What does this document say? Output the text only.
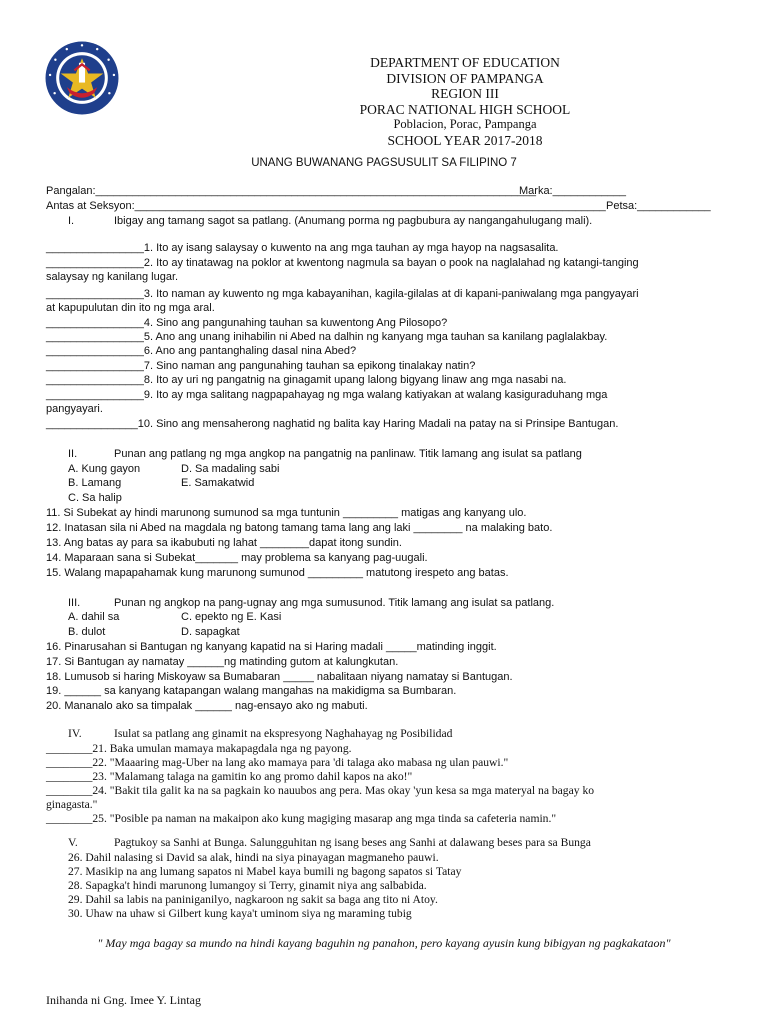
DEPARTMENT OF EDUCATION
DIVISION OF PAMPANGA
REGION III
PORAC NATIONAL HIGH SCHOOL
Poblacion, Porac, Pampanga
SCHOOL YEAR 2017-2018
UNANG BUWANANG PAGSUSULIT SA FILIPINO 7
Pangalan:________________________________________________________________________
Marka:____________
Antas at Seksyon:_____________________________________________________________________________ Petsa:____________
I.	Ibigay ang tamang sagot sa patlang. (Anumang porma ng pagbubura ay nangangahulugang mali).
________________1. Ito ay isang salaysay o kuwento na ang mga tauhan ay mga hayop na nagsasalita.
________________2. Ito ay tinatawag na poklor at kwentong nagmula sa bayan o pook na naglalahad ng katangi-tanging
salaysay ng kanilang lugar.
________________3. Ito naman ay kuwento ng mga kabayanihan, kagila-gilalas at di kapani-paniwalang mga pangyayari
at kapupulutan din ito ng mga aral.
________________4. Sino ang pangunahing tauhan sa kuwentong Ang Pilosopo?
________________5. Ano ang unang inihabilin ni Abed na dalhin ng kanyang mga tauhan sa kanilang paglalakbay.
________________6. Ano ang pantanghaling dasal nina Abed?
________________7. Sino naman ang pangunahing tauhan sa epikong tinalakay natin?
________________8. Ito ay uri ng pangatnig na ginagamit upang lalong bigyang linaw ang mga nasabi na.
________________9. Ito ay mga salitang nagpapahayag ng mga walang katiyakan at walang kasiguraduhang mga
pangyayari.
_______________10. Sino ang mensaherong naghatid ng balita kay Haring Madali na patay na si Prinsipe Bantugan.
II.	Punan ang patlang ng mga angkop na pangatnig na panlinaw. Titik lamang ang isulat sa patlang
A. Kung gayon	D. Sa madaling sabi
B. Lamang	E. Samakatwid
C. Sa halip
11. Si Subekat ay hindi marunong sumunod sa mga tuntunin _________ matigas ang kanyang ulo.
12. Inatasan sila ni Abed na magdala ng batong tamang tama lang ang laki ________ na malaking bato.
13. Ang batas ay para sa ikabubuti ng lahat ________dapat itong sundin.
14. Maparaan sana si Subekat_______ may problema sa kanyang pag-uugali.
15. Walang mapapahamak kung marunong sumunod _________ matutong irespeto ang batas.
III.	Punan ng angkop na pang-ugnay ang mga sumusunod. Titik lamang ang isulat sa patlang.
A. dahil sa	C. epekto ng E. Kasi
B. dulot	D. sapagkat
16. Pinarusahan si Bantugan ng kanyang kapatid na si Haring madali _____matinding inggit.
17. Si Bantugan ay namatay ______ng matinding gutom at kalungkutan.
18. Lumusob si haring Miskoyaw sa Bumabaran _____ nabalitaan niyang namatay si Bantugan.
19. ______ sa kanyang katapangan walang mangahas na makidigma sa Bumbaran.
20. Mananalo ako sa timpalak ______ nag-ensayo ako ng mabuti.
IV.	Isulat sa patlang ang ginamit na ekspresyong Naghahayag ng Posibilidad
________21. Baka umulan mamaya makapagdala nga ng payong.
________22. "Maaaring mag-Uber na lang ako mamaya para 'di talaga ako mabasa ng ulan pauwi."
________23. "Malamang talaga na gamitin ko ang promo dahil kapos na ako!"
________24. "Bakit tila galit ka na sa pagkain ko nauubos ang pera. Mas okay 'yun kesa sa mga materyal na bagay ko
ginagasta."
________25. "Posible pa naman na makaipon ako kung magiging masarap ang mga tinda sa cafeteria namin."
V.	Pagtukoy sa Sanhi at Bunga. Salungguhitan ng isang beses ang Sanhi at dalawang beses para sa Bunga
26. Dahil nalasing si David sa alak, hindi na siya pinayagan magmaneho pauwi.
27. Masikip na ang lumang sapatos ni Mabel kaya bumili ng bagong sapatos si Tatay
28. Sapagka't hindi marunong lumangoy si Terry, ginamit niya ang salbabida.
29. Dahil sa labis na paniniganilyo, nagkaroon ng sakit sa baga ang tito ni Atoy.
30. Uhaw na uhaw si Gilbert kung kaya't uminom siya ng maraming tubig
" May mga bagay sa mundo na hindi kayang baguhin ng panahon, pero kayang ayusin kung bibigyan ng pagkakataon"
Inihanda ni Gng. Imee Y. Lintag
